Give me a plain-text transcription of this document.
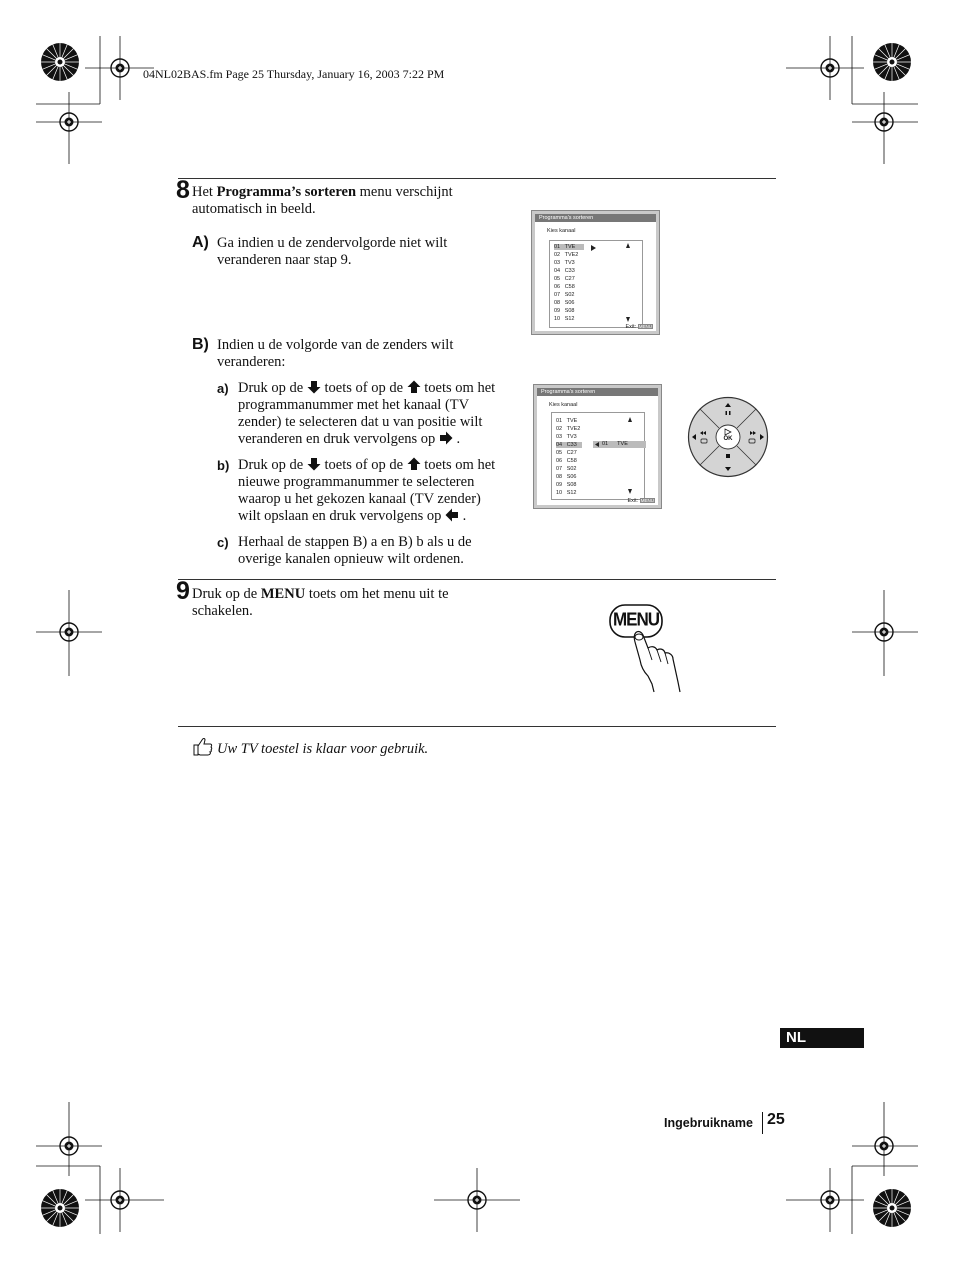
04NL02BAS.fm Page 25 Thursday, January 16, 2003 7:22 PM
8 Het Programma’s sorteren menu verschijnt
automatisch in beeld.
A) Ga indien u de zendervolgorde niet wilt
veranderen naar stap 9.
B) Indien u de volgorde van de zenders wilt
veranderen:
a) Druk op de toets of op de toets om het
programmanummer met het kanaal (TV
zender) te selecteren dat u van positie wilt
veranderen en druk vervolgens op .
b) Druk op de toets of op de toets om het
nieuwe programmanummer te selecteren
waarop u het gekozen kanaal (TV zender)
wilt opslaan en druk vervolgens op .
c) Herhaal de stappen B) a en B) b als u de
overige kanalen opnieuw wilt ordenen.
Programma's sorteren
Kies kanaal
01   TVE
02   TVE2
03   TV3
04   C33
05   C27
06   C58
07   S02
08   S06
09   S08
10   S12
Exit: MENU
Programma's sorteren
Kies kanaal
01   TVE
02   TVE2
03   TV3
04   C33
05   C27
06   C58
07   S02
08   S06
09   S08
10   S12
01      TVE
Exit: MENU
OK
9 Druk op de MENU toets om het menu uit te
schakelen.	MENU
Uw TV toestel is klaar voor gebruik.
NL
Ingebruikname 25
